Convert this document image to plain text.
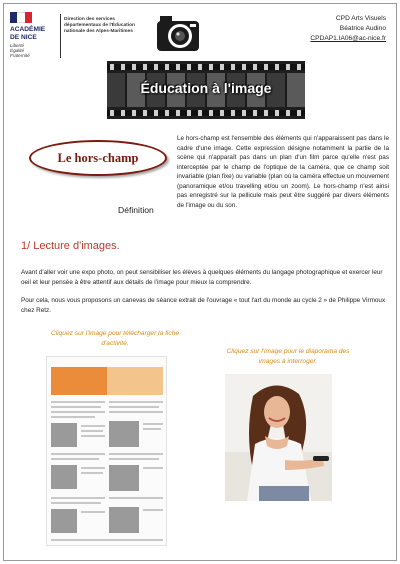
ACADÉMIE
DE NICE
Liberté
Égalité
Fraternité
Direction des services départementaux de l'Éducation nationale des Alpes-Maritimes
CPD Arts Visuels
Béatrice Audino
CPDAP1.IA06@ac-nice.fr
Éducation à l'image
Le hors-champ
Définition
Le hors-champ est l'ensemble des éléments qui n'apparaissent pas dans le cadre d'une image. Cette expression désigne notamment la partie de la scène qui n'apparaît pas dans un plan d'un film parce qu'elle n'est pas interceptée par le champ de l'optique de la caméra, que ce champ soit invariable (plan fixe) ou variable (plan où la caméra effectue un mouvement (panoramique et/ou travelling et/ou un zoom). Le hors-champ n'est ainsi pas enregistré sur la pellicule mais peut être suggéré par divers éléments de l'image ou du son.
1/ Lecture d'images.
Avant d'aller voir une expo photo, on peut sensibiliser les élèves à quelques éléments du langage photographique et exercer leur oeil et leur pensée à être attentif aux détails de l'image pour mieux la comprendre.
Pour cela, nous vous proposons un canevas de séance extrait de l'ouvrage « tout l'art du monde au cycle 2 » de Philippe Virmoux chez Retz.
Cliquez sur l'image pour télécharger la fiche d'activité.
Cliquez sur l'image pour le diaporama des images à interroger.
